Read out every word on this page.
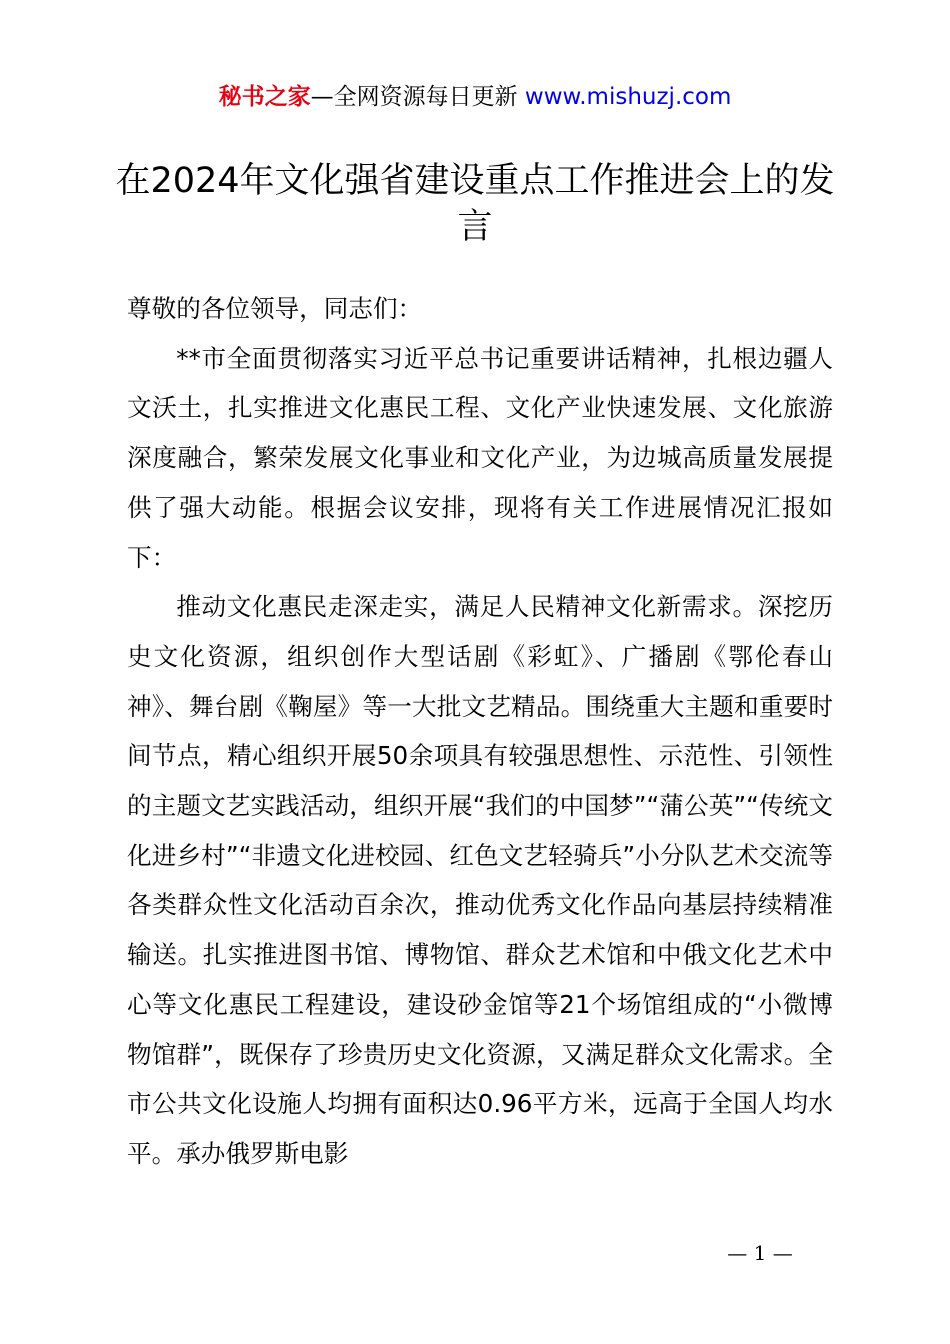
秘书之家—全网资源每日更新 www.mishuzj.com
在2024年文化强省建设重点工作推进会上的发言

尊敬的各位领导，同志们：

**市全面贯彻落实习近平总书记重要讲话精神，扎根边疆人文沃土，扎实推进文化惠民工程、文化产业快速发展、文化旅游深度融合，繁荣发展文化事业和文化产业，为边城高质量发展提供了强大动能。根据会议安排，现将有关工作进展情况汇报如下：

推动文化惠民走深走实，满足人民精神文化新需求。深挖历史文化资源，组织创作大型话剧《彩虹》、广播剧《鄂伦春山神》、舞台剧《鞠屋》等一大批文艺精品。围绕重大主题和重要时间节点，精心组织开展50余项具有较强思想性、示范性、引领性的主题文艺实践活动，组织开展“我们的中国梦”“蒲公英”“传统文化进乡村”“非遗文化进校园、红色文艺轻骑兵”小分队艺术交流等各类群众性文化活动百余次，推动优秀文化作品向基层持续精准输送。扎实推进图书馆、博物馆、群众艺术馆和中俄文化艺术中心等文化惠民工程建设，建设砂金馆等21个场馆组成的“小微博物馆群”，既保存了珍贵历史文化资源，又满足群众文化需求。全市公共文化设施人均拥有面积达0.96平方米，远高于全国人均水平。承办俄罗斯电影

— 1 —
